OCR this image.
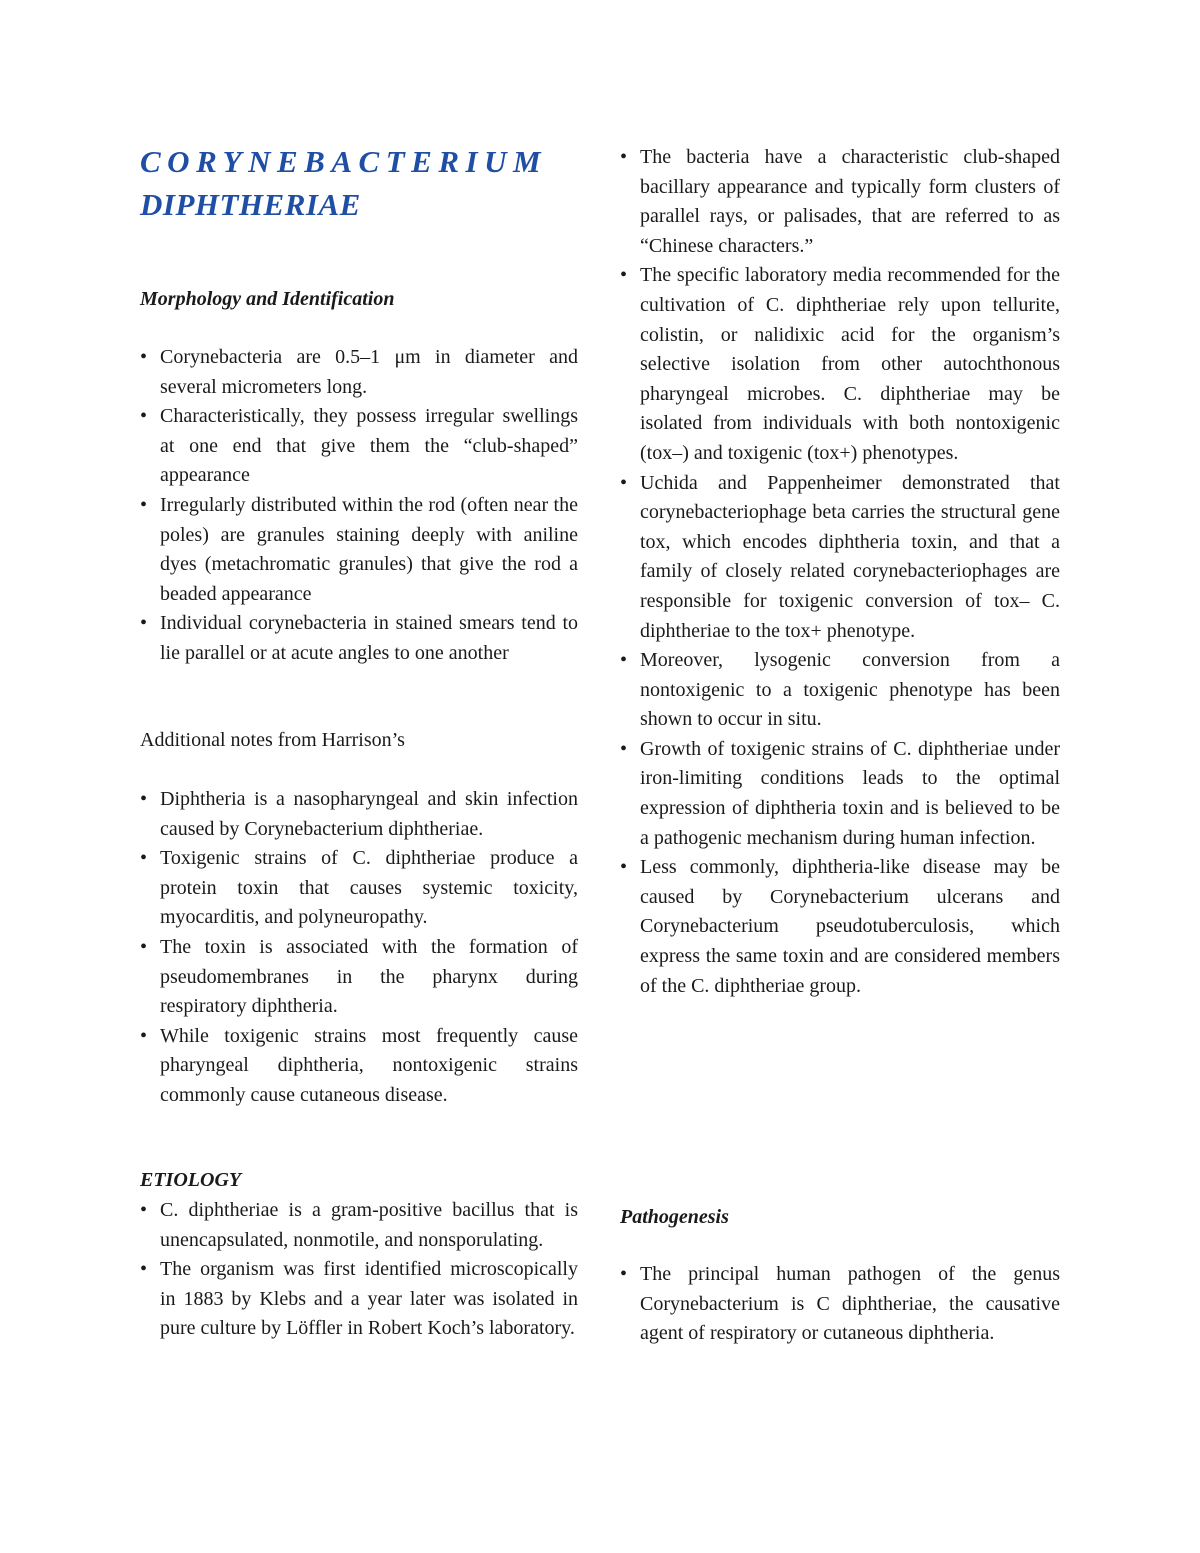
CORYNEBACTERIUM
DIPHTHERIAE
Morphology and Identification
• Corynebacteria are 0.5–1 μm in diameter and several micrometers long.
• Characteristically, they possess irregular swellings at one end that give them the “club-shaped” appearance
• Irregularly distributed within the rod (often near the poles) are granules staining deeply with aniline dyes (metachromatic granules) that give the rod a beaded appearance
• Individual corynebacteria in stained smears tend to lie parallel or at acute angles to one another
Additional notes from Harrison’s
• Diphtheria is a nasopharyngeal and skin infection caused by Corynebacterium diphtheriae.
• Toxigenic strains of C. diphtheriae produce a protein toxin that causes systemic toxicity, myocarditis, and polyneuropathy.
• The toxin is associated with the formation of pseudomembranes in the pharynx during respiratory diphtheria.
• While toxigenic strains most frequently cause pharyngeal diphtheria, nontoxigenic strains commonly cause cutaneous disease.
ETIOLOGY
• C. diphtheriae is a gram-positive bacillus that is unencapsulated, nonmotile, and nonsporulating.
• The organism was first identified microscopically in 1883 by Klebs and a year later was isolated in pure culture by Löffler in Robert Koch’s laboratory.
• The bacteria have a characteristic club-shaped bacillary appearance and typically form clusters of parallel rays, or palisades, that are referred to as “Chinese characters.”
• The specific laboratory media recommended for the cultivation of C. diphtheriae rely upon tellurite, colistin, or nalidixic acid for the organism’s selective isolation from other autochthonous pharyngeal microbes. C. diphtheriae may be isolated from individuals with both nontoxigenic (tox–) and toxigenic (tox+) phenotypes.
• Uchida and Pappenheimer demonstrated that corynebacteriophage beta carries the structural gene tox, which encodes diphtheria toxin, and that a family of closely related corynebacteriophages are responsible for toxigenic conversion of tox– C. diphtheriae to the tox+ phenotype.
• Moreover, lysogenic conversion from a nontoxigenic to a toxigenic phenotype has been shown to occur in situ.
• Growth of toxigenic strains of C. diphtheriae under iron-limiting conditions leads to the optimal expression of diphtheria toxin and is believed to be a pathogenic mechanism during human infection.
• Less commonly, diphtheria-like disease may be caused by Corynebacterium ulcerans and Corynebacterium pseudotuberculosis, which express the same toxin and are considered members of the C. diphtheriae group.
Pathogenesis
• The principal human pathogen of the genus Corynebacterium is C diphtheriae, the causative agent of respiratory or cutaneous diphtheria.
